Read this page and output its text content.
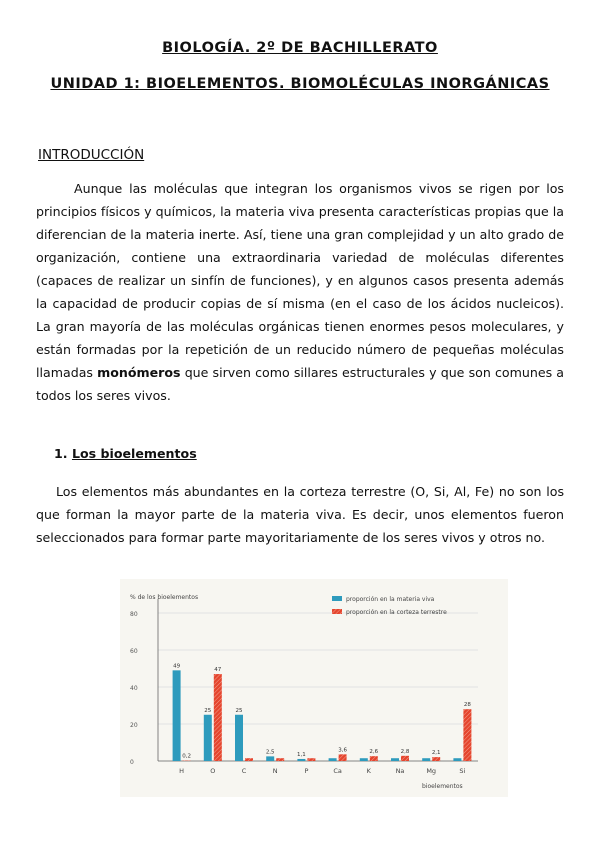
BIOLOGÍA. 2º DE BACHILLERATO
UNIDAD 1: BIOELEMENTOS. BIOMOLÉCULAS INORGÁNICAS
INTRODUCCIÓN
Aunque las moléculas que integran los organismos vivos se rigen por los principios físicos y químicos, la materia viva presenta características propias que la diferencian de la materia inerte. Así, tiene una gran complejidad y un alto grado de organización, contiene una extraordinaria variedad de moléculas diferentes (capaces de realizar un sinfín de funciones), y en algunos casos presenta además la capacidad de producir copias de sí misma (en el caso de los ácidos nucleicos). La gran mayoría de las moléculas orgánicas tienen enormes pesos moleculares, y están formadas por la repetición de un reducido número de pequeñas moléculas llamadas monómeros que sirven como sillares estructurales y que son comunes a todos los seres vivos.
1. Los bioelementos
Los elementos más abundantes en la corteza terrestre (O, Si, Al, Fe) no son los que forman la mayor parte de la materia viva. Es decir, unos elementos fueron seleccionados para formar parte mayoritariamente de los seres vivos y otros no.
0
20
40
60
80
% de los bioelementos
bioelementos
proporción en la materia viva
proporción en la corteza terrestre
49
0,2
H
25
47
O
25
C
2,5
N
1,1
P
3,6
Ca
2,6
K
2,8
Na
2,1
Mg
28
Si
